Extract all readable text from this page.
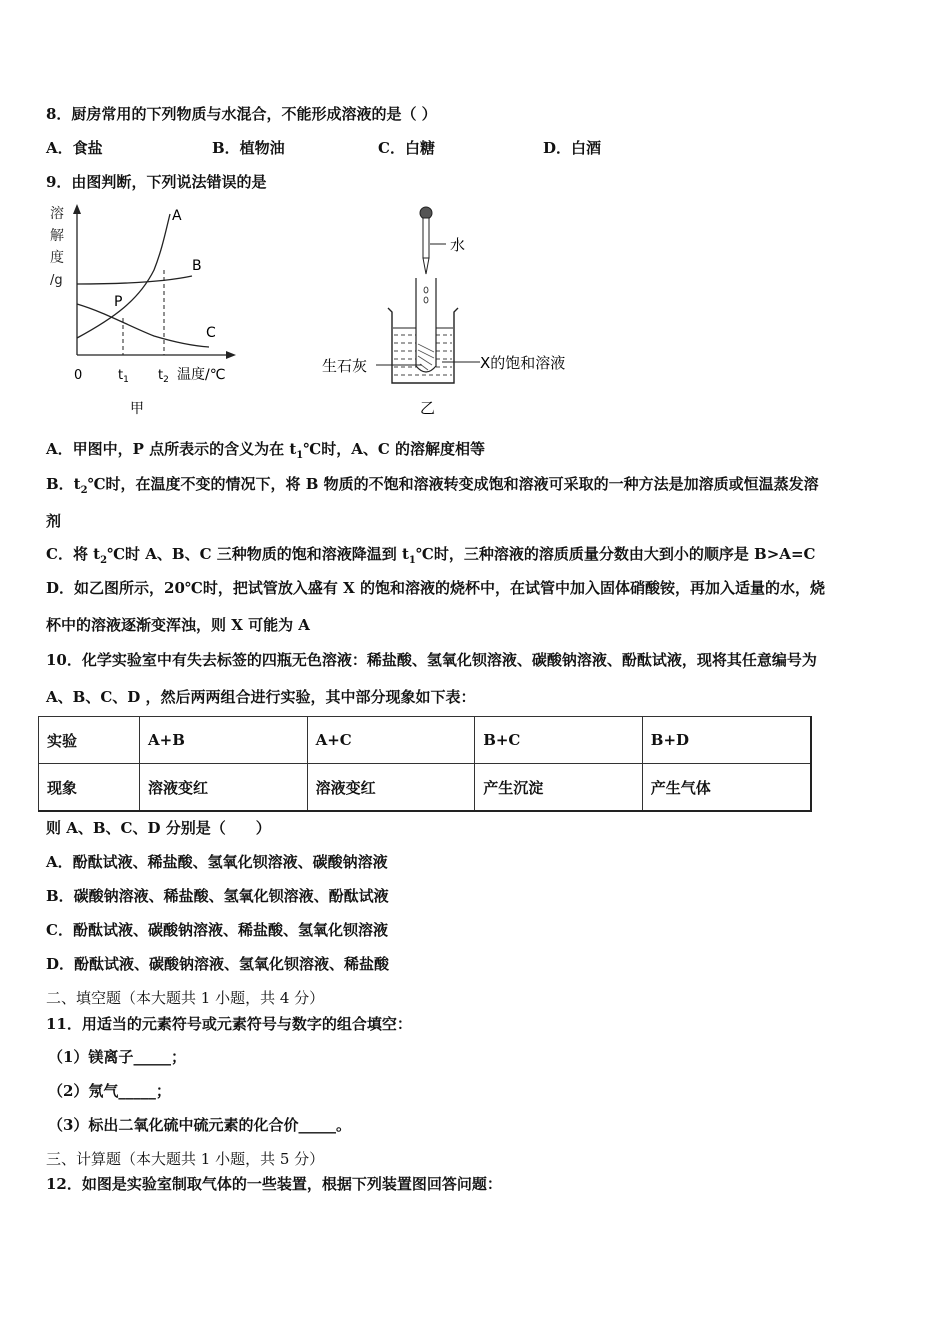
8．厨房常用的下列物质与水混合，不能形成溶液的是（ ）
A．食盐	B．植物油	C．白糖	D．白酒
9．由图判断，下列说法错误的是
溶
解
度
/g
A
B
C
P
0	$t_1$ $t_2$ 温度/℃
甲
水
生石灰	X的饱和溶液
乙
A．甲图中，P 点所表示的含义为在 $t_1℃$时，A、C 的溶解度相等
B．$t_2℃$时，在温度不变的情况下，将 B 物质的不饱和溶液转变成饱和溶液可采取的一种方法是加溶质或恒温蒸发溶
剂
C．将 $t_2℃$时 A、B、C 三种物质的饱和溶液降温到 $t_1℃$时，三种溶液的溶质质量分数由大到小的顺序是 B>A=C
D．如乙图所示，20℃时，把试管放入盛有 X 的饱和溶液的烧杯中，在试管中加入固体硝酸铵，再加入适量的水，烧
杯中的溶液逐渐变浑浊，则 X 可能为 A
10．化学实验室中有失去标签的四瓶无色溶液：稀盐酸、氢氧化钡溶液、碳酸钠溶液、酚酞试液，现将其任意编号为
A、B、C、D ，然后两两组合进行实验，其中部分现象如下表：
实验	A+B	A+C	B+C	B+D
现象	溶液变红	溶液变红	产生沉淀	产生气体
则 A、B、C、D 分别是（　　）
A．酚酞试液、稀盐酸、氢氧化钡溶液、碳酸钠溶液
B．碳酸钠溶液、稀盐酸、氢氧化钡溶液、酚酞试液
C．酚酞试液、碳酸钠溶液、稀盐酸、氢氧化钡溶液
D．酚酞试液、碳酸钠溶液、氢氧化钡溶液、稀盐酸
二、填空题（本大题共 1 小题，共 4 分）
11．用适当的元素符号或元素符号与数字的组合填空：
（1）镁离子_____；
（2）氖气_____；
（3）标出二氧化硫中硫元素的化合价_____。
三、计算题（本大题共 1 小题，共 5 分）
12．如图是实验室制取气体的一些装置，根据下列装置图回答问题：
